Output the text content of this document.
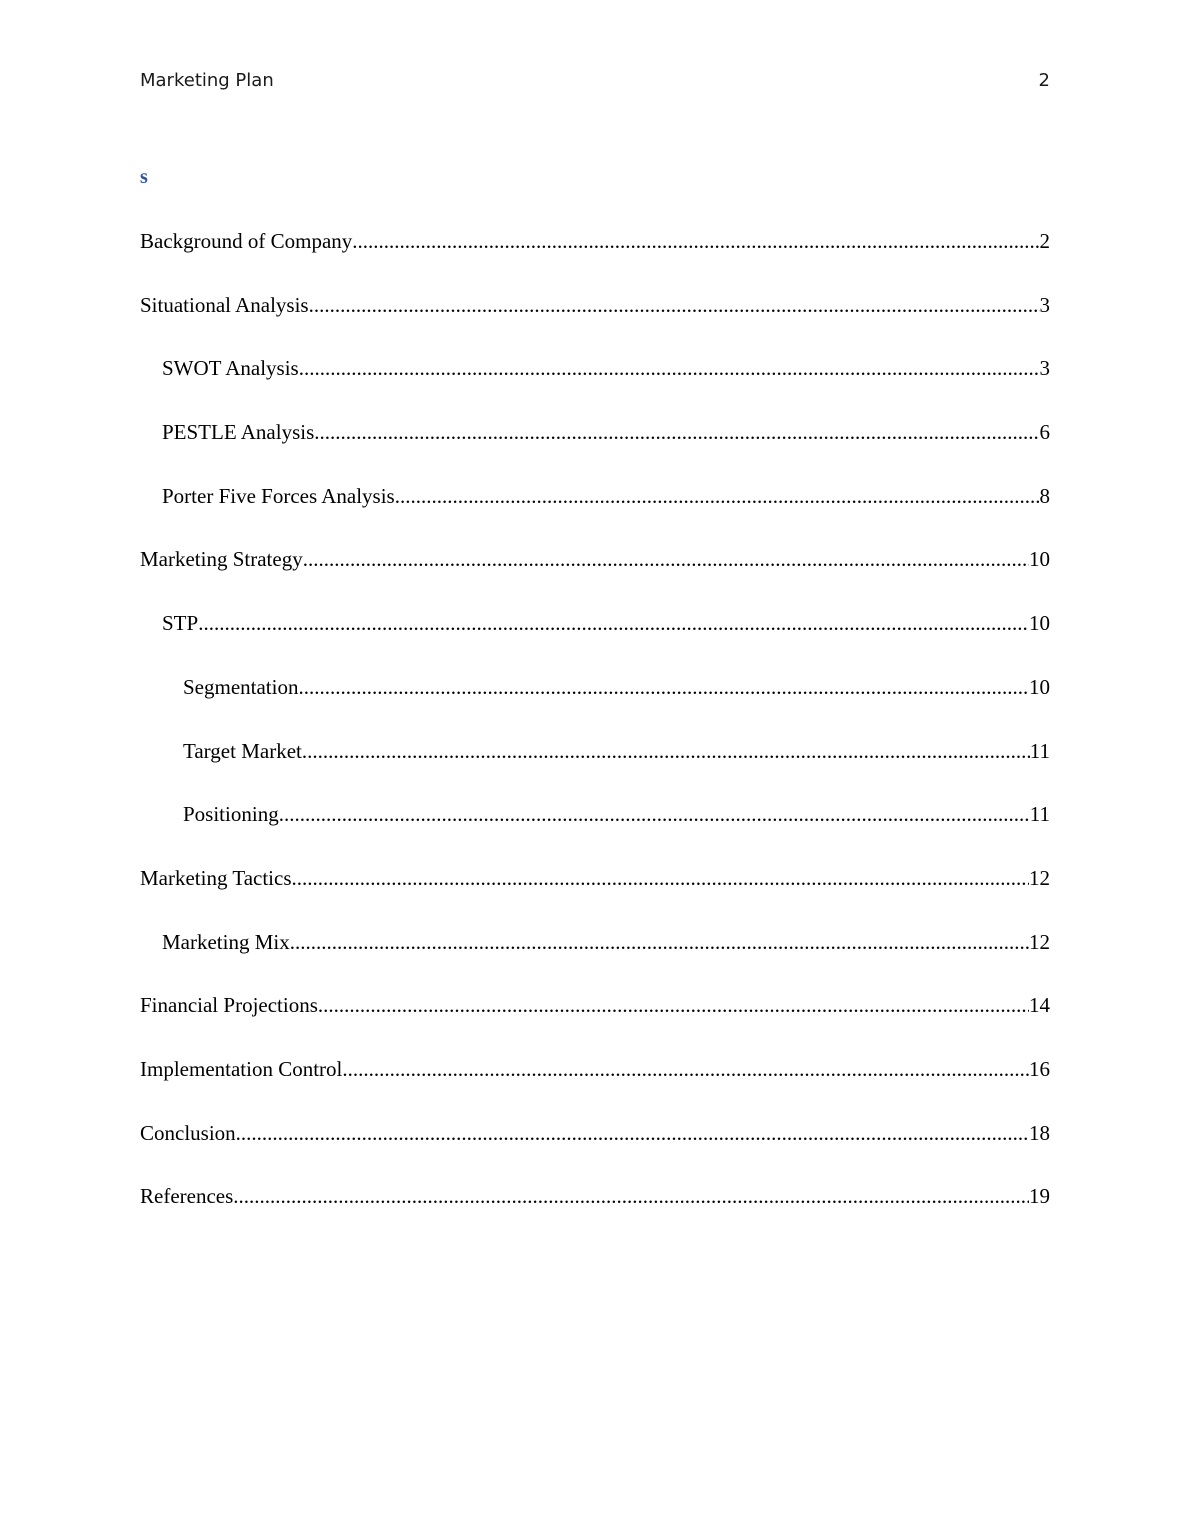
Marketing Plan	2
s
Background of Company .....	2
Situational Analysis .....	3
SWOT Analysis .....	3
PESTLE Analysis .....	6
Porter Five Forces Analysis .....	8
Marketing Strategy .....	10
STP .....	10
Segmentation .....	10
Target Market .....	11
Positioning .....	11
Marketing Tactics .....	12
Marketing Mix .....	12
Financial Projections .....	14
Implementation Control .....	16
Conclusion .....	18
References .....	19
